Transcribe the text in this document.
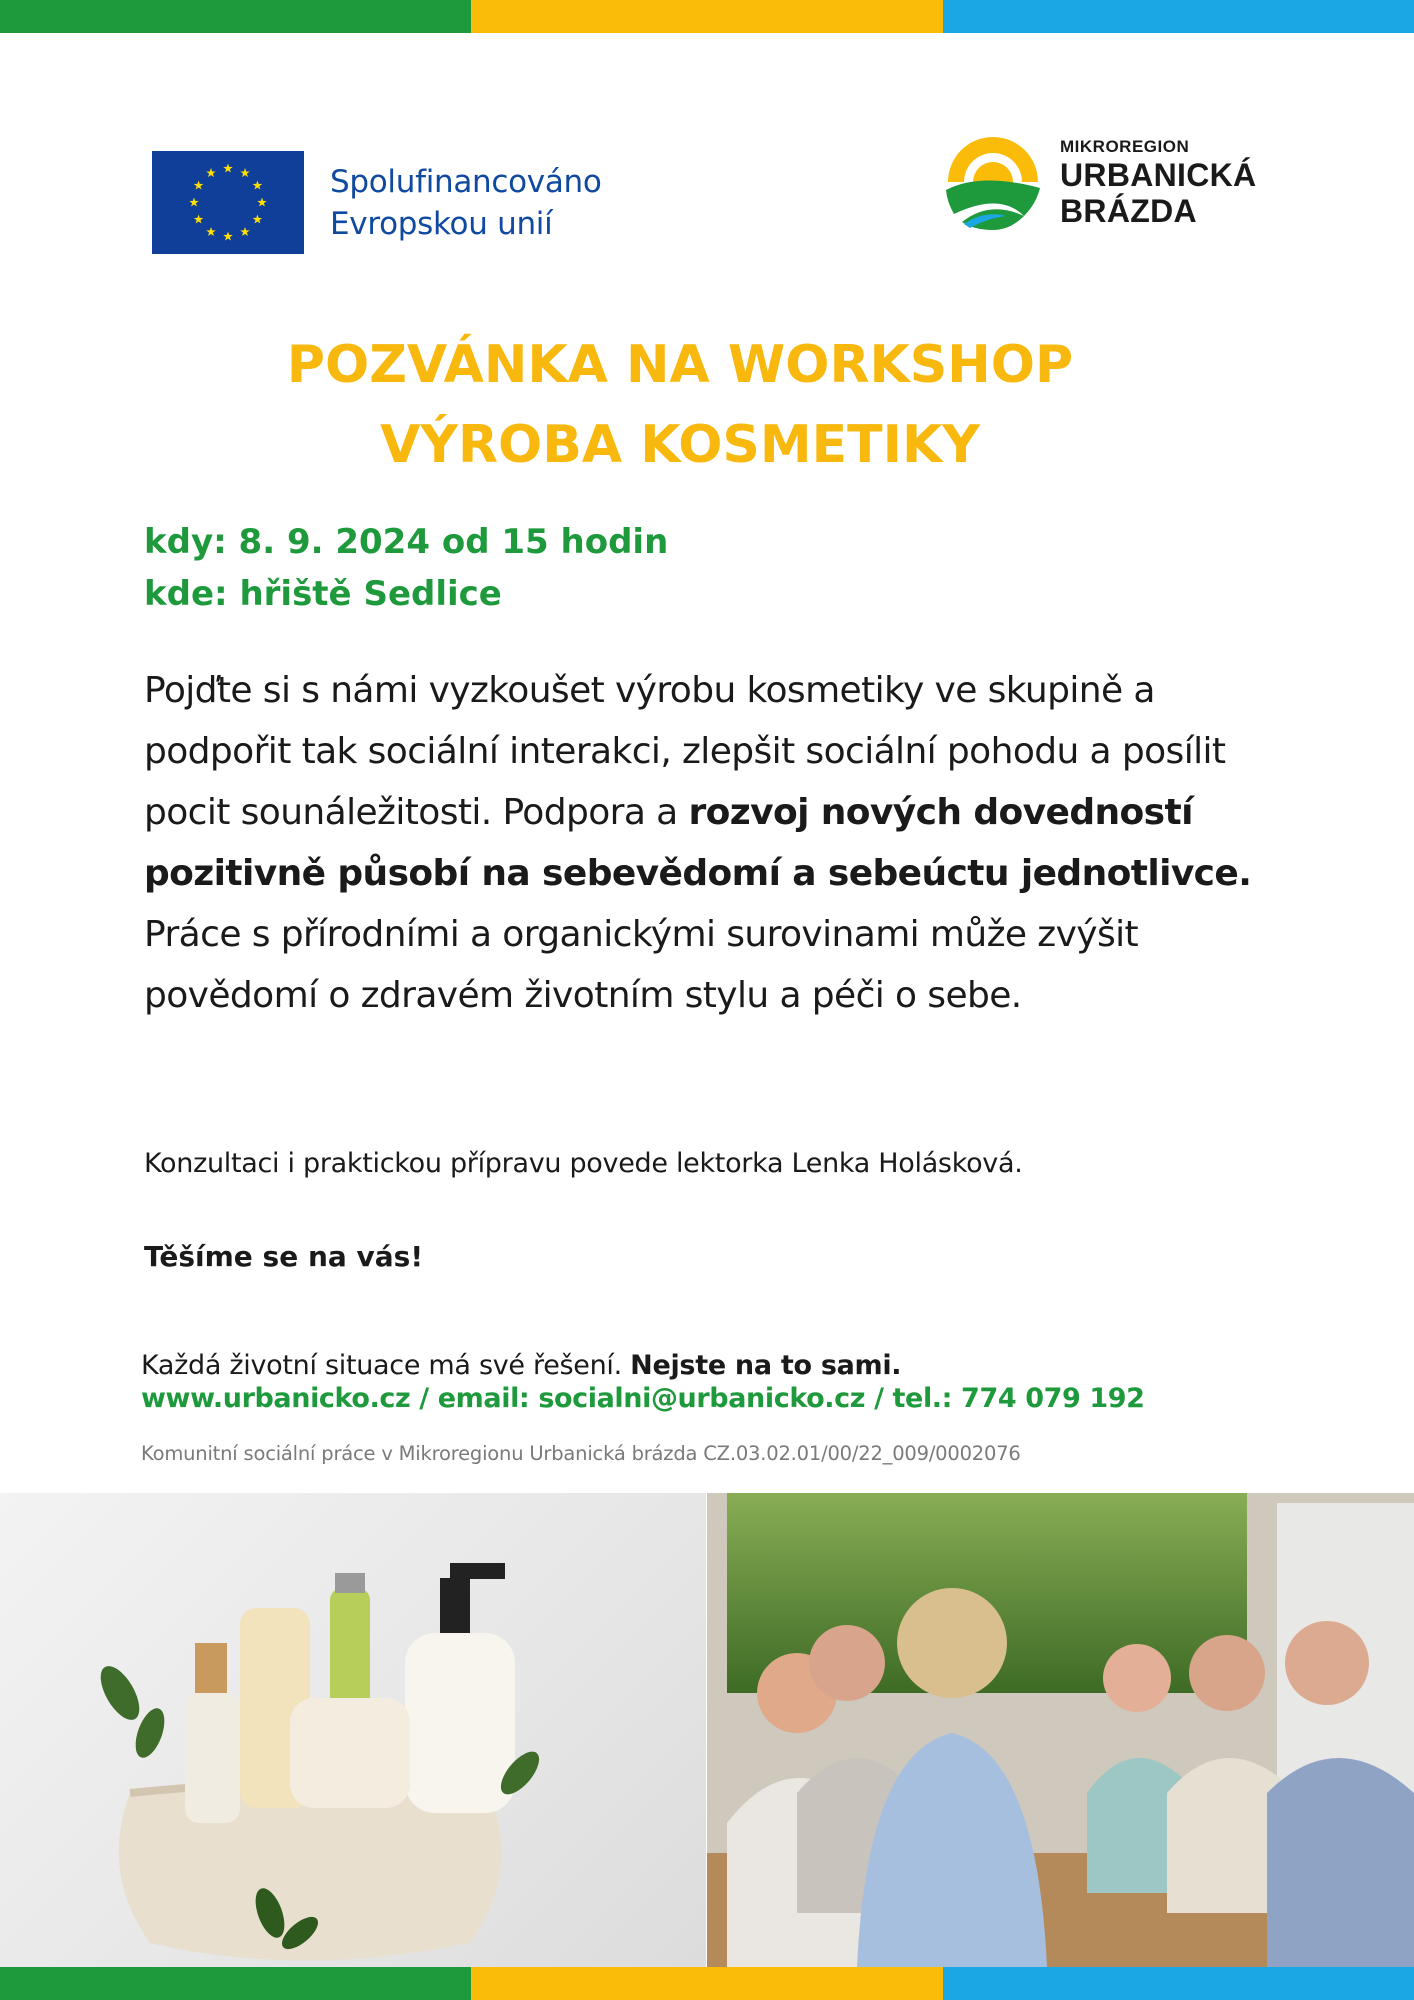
Spolufinancováno
Evropskou unií
MIKROREGION
URBANICKÁ
BRÁZDA
POZVÁNKA NA WORKSHOP
VÝROBA KOSMETIKY
kdy: 8. 9. 2024 od 15 hodin
kde: hřiště Sedlice
Pojďte si s námi vyzkoušet výrobu kosmetiky ve skupině a podpořit tak sociální interakci, zlepšit sociální pohodu a posílit pocit sounáležitosti. Podpora a rozvoj nových dovedností pozitivně působí na sebevědomí a sebeúctu jednotlivce. Práce s přírodními a organickými surovinami může zvýšit povědomí o zdravém životním stylu a péči o sebe.
Konzultaci i praktickou přípravu povede lektorka Lenka Holásková.
Těšíme se na vás!
Každá životní situace má své řešení. Nejste na to sami.
www.urbanicko.cz / email: socialni@urbanicko.cz / tel.: 774 079 192
Komunitní sociální práce v Mikroregionu Urbanická brázda CZ.03.02.01/00/22_009/0002076
